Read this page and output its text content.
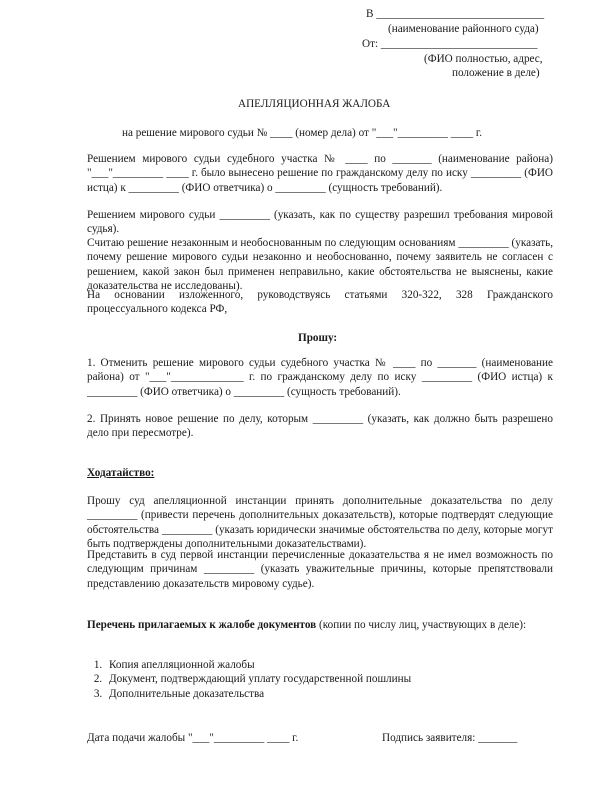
В ______________________________
(наименование районного суда)
От: ____________________________
(ФИО полностью, адрес,
положение в деле)
АПЕЛЛЯЦИОННАЯ ЖАЛОБА
на решение мирового судьи № ____ (номер дела) от "___"_________ ____ г.
Решением мирового судьи судебного участка № ____ по _______ (наименование района) "___"_________ ____ г. было вынесено решение по гражданскому делу по иску _________ (ФИО истца) к _________ (ФИО ответчика) о _________ (сущность требований).
Решением мирового судьи _________ (указать, как по существу разрешил требования мировой судья).
Считаю решение незаконным и необоснованным по следующим основаниям _________ (указать, почему решение мирового судьи незаконно и необоснованно, почему заявитель не согласен с решением, какой закон был применен неправильно, какие обстоятельства не выяснены, какие доказательства не исследованы).
На основании изложенного, руководствуясь статьями 320-322, 328 Гражданского процессуального кодекса РФ,
Прошу:
1. Отменить решение мирового судьи судебного участка № ____ по _______ (наименование района) от "___"_____________ г. по гражданскому делу по иску _________ (ФИО истца) к _________ (ФИО ответчика) о _________ (сущность требований).
2. Принять новое решение по делу, которым _________ (указать, как должно быть разрешено дело при пересмотре).
Ходатайство:
Прошу суд апелляционной инстанции принять дополнительные доказательства по делу _________ (привести перечень дополнительных доказательств), которые подтвердят следующие обстоятельства _________ (указать юридически значимые обстоятельства по делу, которые могут быть подтверждены дополнительными доказательствами).
Представить в суд первой инстанции перечисленные доказательства я не имел возможность по следующим причинам _________ (указать уважительные причины, которые препятствовали представлению доказательств мировому судье).
Перечень прилагаемых к жалобе документов (копии по числу лиц, участвующих в деле):
1. Копия апелляционной жалобы
2. Документ, подтверждающий уплату государственной пошлины
3. Дополнительные доказательства
Дата подачи жалобы "___"_________ ____ г.	Подпись заявителя: _______
